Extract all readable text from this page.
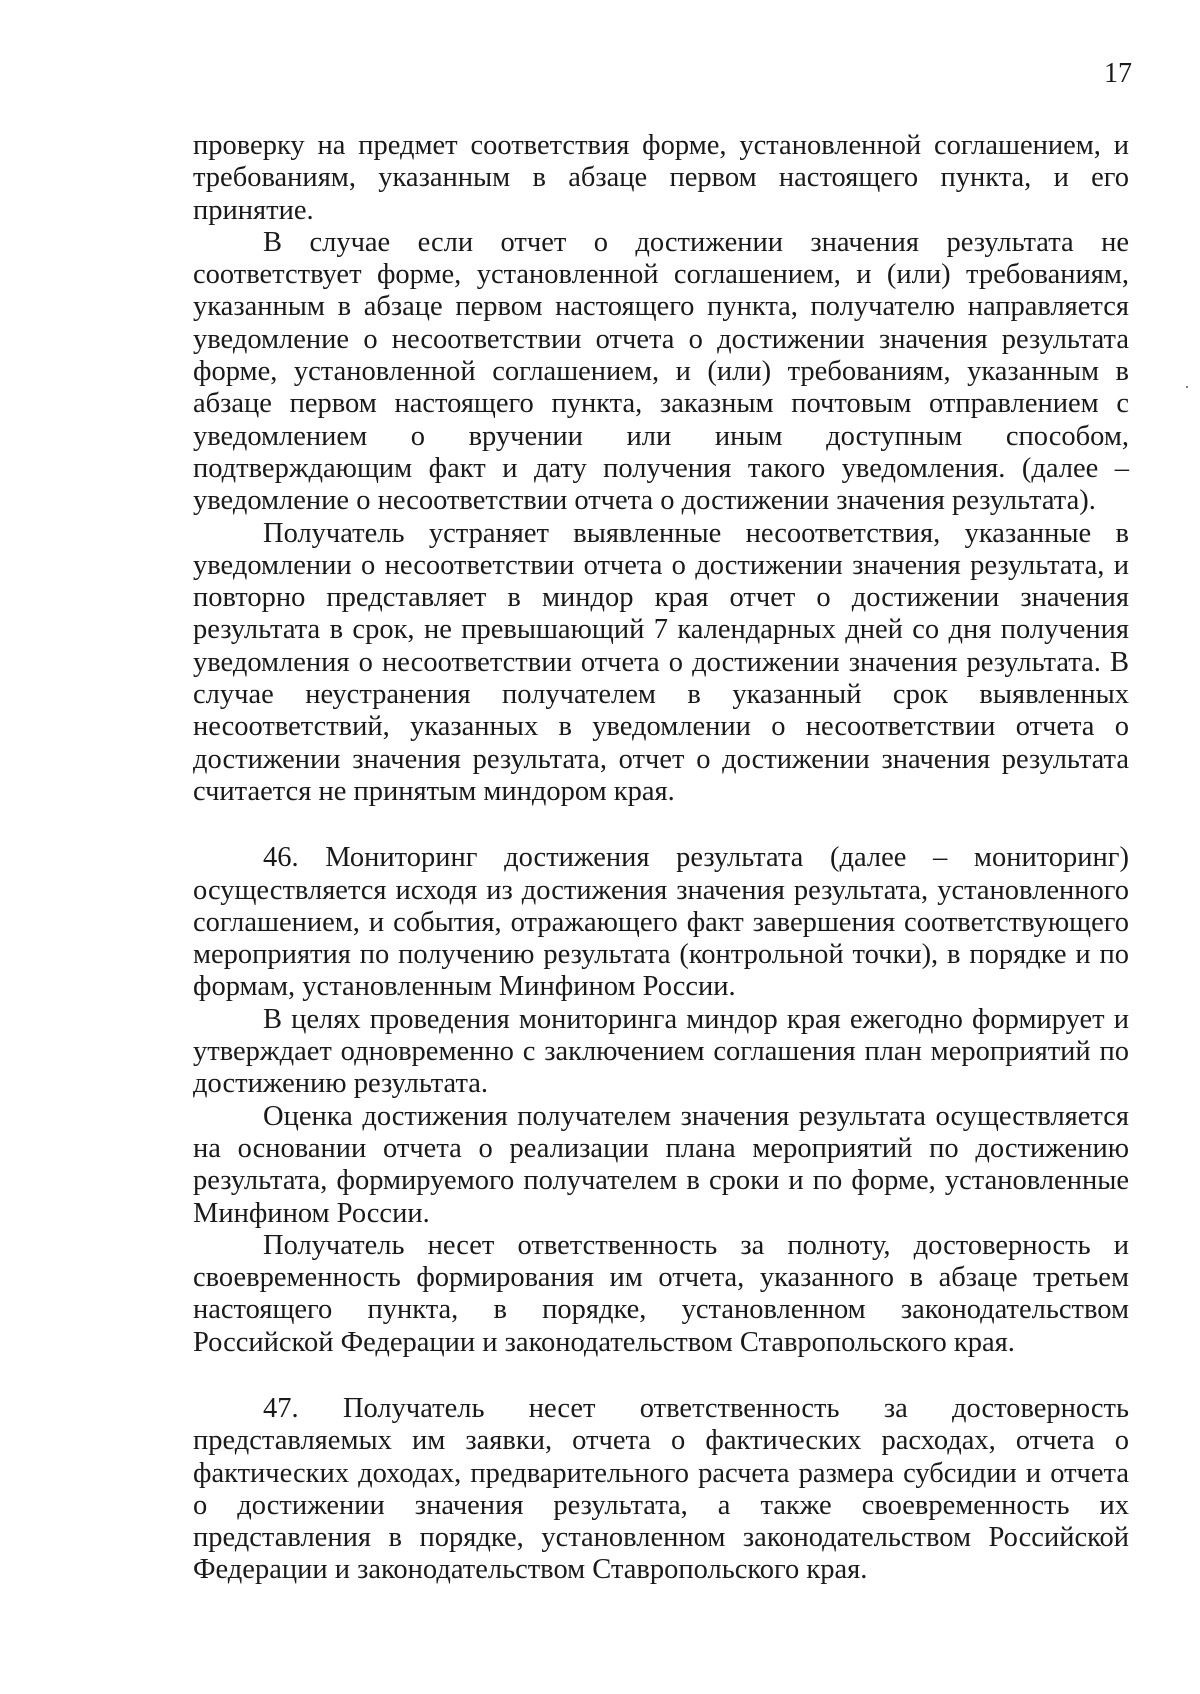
17

проверку на предмет соответствия форме, установленной соглашением, и требованиям, указанным в абзаце первом настоящего пункта, и его принятие.

В случае если отчет о достижении значения результата не соответствует форме, установленной соглашением, и (или) требованиям, указанным в абзаце первом настоящего пункта, получателю направляется уведомление о несоответствии отчета о достижении значения результата форме, установленной соглашением, и (или) требованиям, указанным в абзаце первом настоящего пункта, заказным почтовым отправлением с уведомлением о вручении или иным доступным способом, подтверждающим факт и дату получения такого уведомления. (далее – уведомление о несоответствии отчета о достижении значения результата).

Получатель устраняет выявленные несоответствия, указанные в уведомлении о несоответствии отчета о достижении значения результата, и повторно представляет в миндор края отчет о достижении значения результата в срок, не превышающий 7 календарных дней со дня получения уведомления о несоответствии отчета о достижении значения результата. В случае неустранения получателем в указанный срок выявленных несоответствий, указанных в уведомлении о несоответствии отчета о достижении значения результата, отчет о достижении значения результата считается не принятым миндором края.

46. Мониторинг достижения результата (далее – мониторинг) осуществляется исходя из достижения значения результата, установленного соглашением, и события, отражающего факт завершения соответствующего мероприятия по получению результата (контрольной точки), в порядке и по формам, установленным Минфином России.

В целях проведения мониторинга миндор края ежегодно формирует и утверждает одновременно с заключением соглашения план мероприятий по достижению результата.

Оценка достижения получателем значения результата осуществляется на основании отчета о реализации плана мероприятий по достижению результата, формируемого получателем в сроки и по форме, установленные Минфином России.

Получатель несет ответственность за полноту, достоверность и своевременность формирования им отчета, указанного в абзаце третьем настоящего пункта, в порядке, установленном законодательством Российской Федерации и законодательством Ставропольского края.

47. Получатель несет ответственность за достоверность представляемых им заявки, отчета о фактических расходах, отчета о фактических доходах, предварительного расчета размера субсидии и отчета о достижении значения результата, а также своевременность их представления в порядке, установленном законодательством Российской Федерации и законодательством Ставропольского края.
